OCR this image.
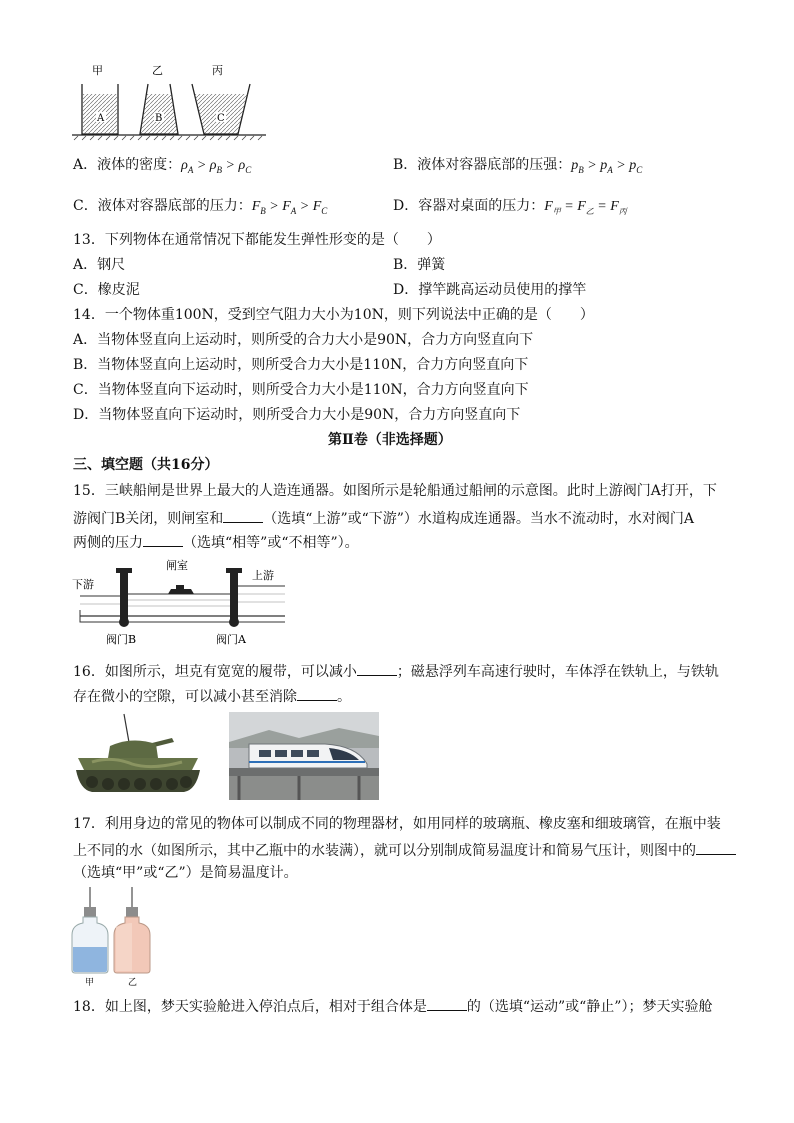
甲	乙	丙
A	B	C
A．液体的密度：$\rho_A > \rho_B > \rho_C$	B．液体对容器底部的压强：$p_B > p_A > p_C$
C．液体对容器底部的压力：$F_B > F_A > F_C$	D．容器对桌面的压力：$F_甲 = F_乙 = F_丙$
13．下列物体在通常情况下都能发生弹性形变的是（　　）
A．钢尺	B．弹簧
C．橡皮泥	D．撑竿跳高运动员使用的撑竿
14．一个物体重100N，受到空气阻力大小为10N，则下列说法中正确的是（　　）
A．当物体竖直向上运动时，则所受的合力大小是90N，合力方向竖直向下
B．当物体竖直向上运动时，则所受合力大小是110N，合力方向竖直向下
C．当物体竖直向下运动时，则所受合力大小是110N，合力方向竖直向下
D．当物体竖直向下运动时，则所受合力大小是90N，合力方向竖直向下
第Ⅱ卷（非选择题）
三、填空题（共16分）
15．三峡船闸是世界上最大的人造连通器。如图所示是轮船通过船闸的示意图。此时上游阀门A打开，下
游阀门B关闭，则闸室和	（选填“上游”或“下游”）水道构成连通器。当水不流动时，水对阀门A
两侧的压力	（选填“相等”或“不相等”）。
下游
闸室
上游
阀门B	阀门A
16．如图所示，坦克有宽宽的履带，可以减小	；磁悬浮列车高速行驶时，车体浮在铁轨上，与铁轨
存在微小的空隙，可以减小甚至消除	。
17．利用身边的常见的物体可以制成不同的物理器材，如用同样的玻璃瓶、橡皮塞和细玻璃管，在瓶中装
上不同的水（如图所示，其中乙瓶中的水装满），就可以分别制成简易温度计和简易气压计，则图中的
（选填“甲”或“乙”）是简易温度计。
甲	乙
18．如上图，梦天实验舱进入停泊点后，相对于组合体是	的（选填“运动”或“静止”）；梦天实验舱
